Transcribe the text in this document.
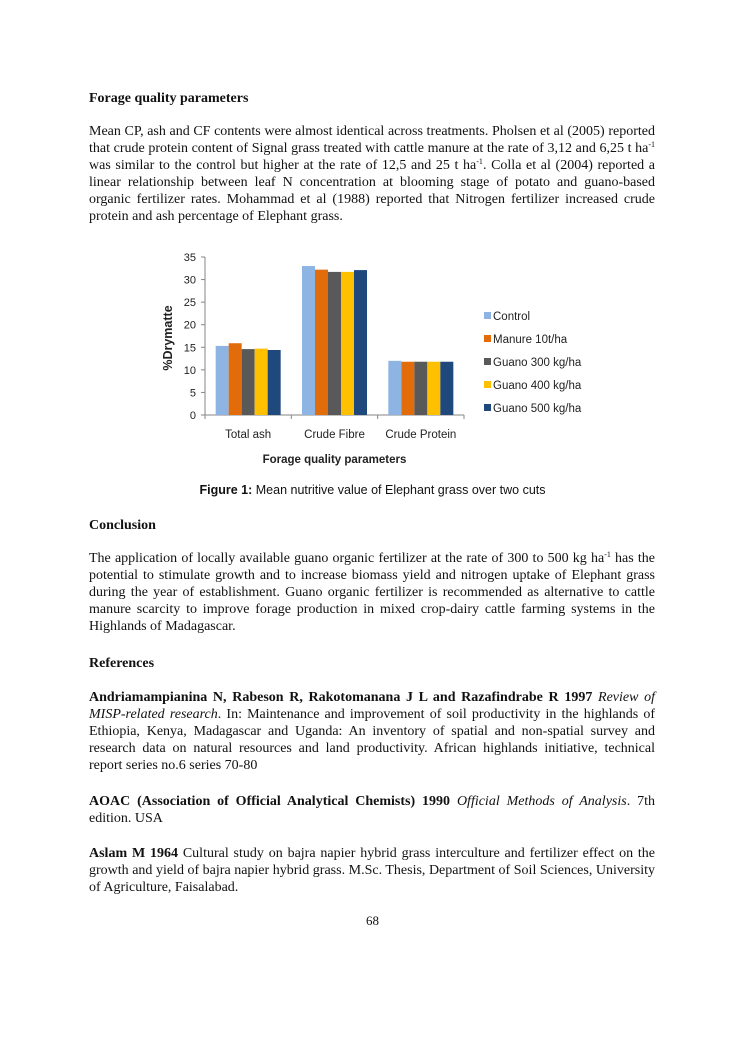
Forage quality parameters

Mean CP, ash and CF contents were almost identical across treatments. Pholsen et al (2005) reported that crude protein content of Signal grass treated with cattle manure at the rate of 3,12 and 6,25 t $ha^{-1}$ was similar to the control but higher at the rate of 12,5 and 25 t $ha^{-1}$. Colla et al (2004) reported a linear relationship between leaf N concentration at blooming stage of potato and guano-based organic fertilizer rates. Mohammad et al (1988) reported that Nitrogen fertilizer increased crude protein and ash percentage of Elephant grass.

0
5
10
15
20
25
30
35
Total ash	Crude Fibre Crude Protein
Forage quality parameters
%Drymatte	Control
Manure 10t/ha
Guano 300 kg/ha
Guano 400 kg/ha
Guano 500 kg/ha
Figure 1: Mean nutritive value of Elephant grass over two cuts
Conclusion

The application of locally available guano organic fertilizer at the rate of 300 to 500 kg $ha^{-1}$ has the potential to stimulate growth and to increase biomass yield and nitrogen uptake of Elephant grass during the year of establishment. Guano organic fertilizer is recommended as alternative to cattle manure scarcity to improve forage production in mixed crop-dairy cattle farming systems in the Highlands of Madagascar.

References
Andriamampianina N, Rabeson R, Rakotomanana J L and Razafindrabe R 1997 Review of MISP-related research. In: Maintenance and improvement of soil productivity in the highlands of Ethiopia, Kenya, Madagascar and Uganda: An inventory of spatial and non-spatial survey and research data on natural resources and land productivity. African highlands initiative, technical report series no.6 series 70-80
AOAC (Association of Official Analytical Chemists) 1990 Official Methods of Analysis. 7th edition. USA
Aslam M 1964 Cultural study on bajra napier hybrid grass interculture and fertilizer effect on the growth and yield of bajra napier hybrid grass. M.Sc. Thesis, Department of Soil Sciences, University of Agriculture, Faisalabad.
68
